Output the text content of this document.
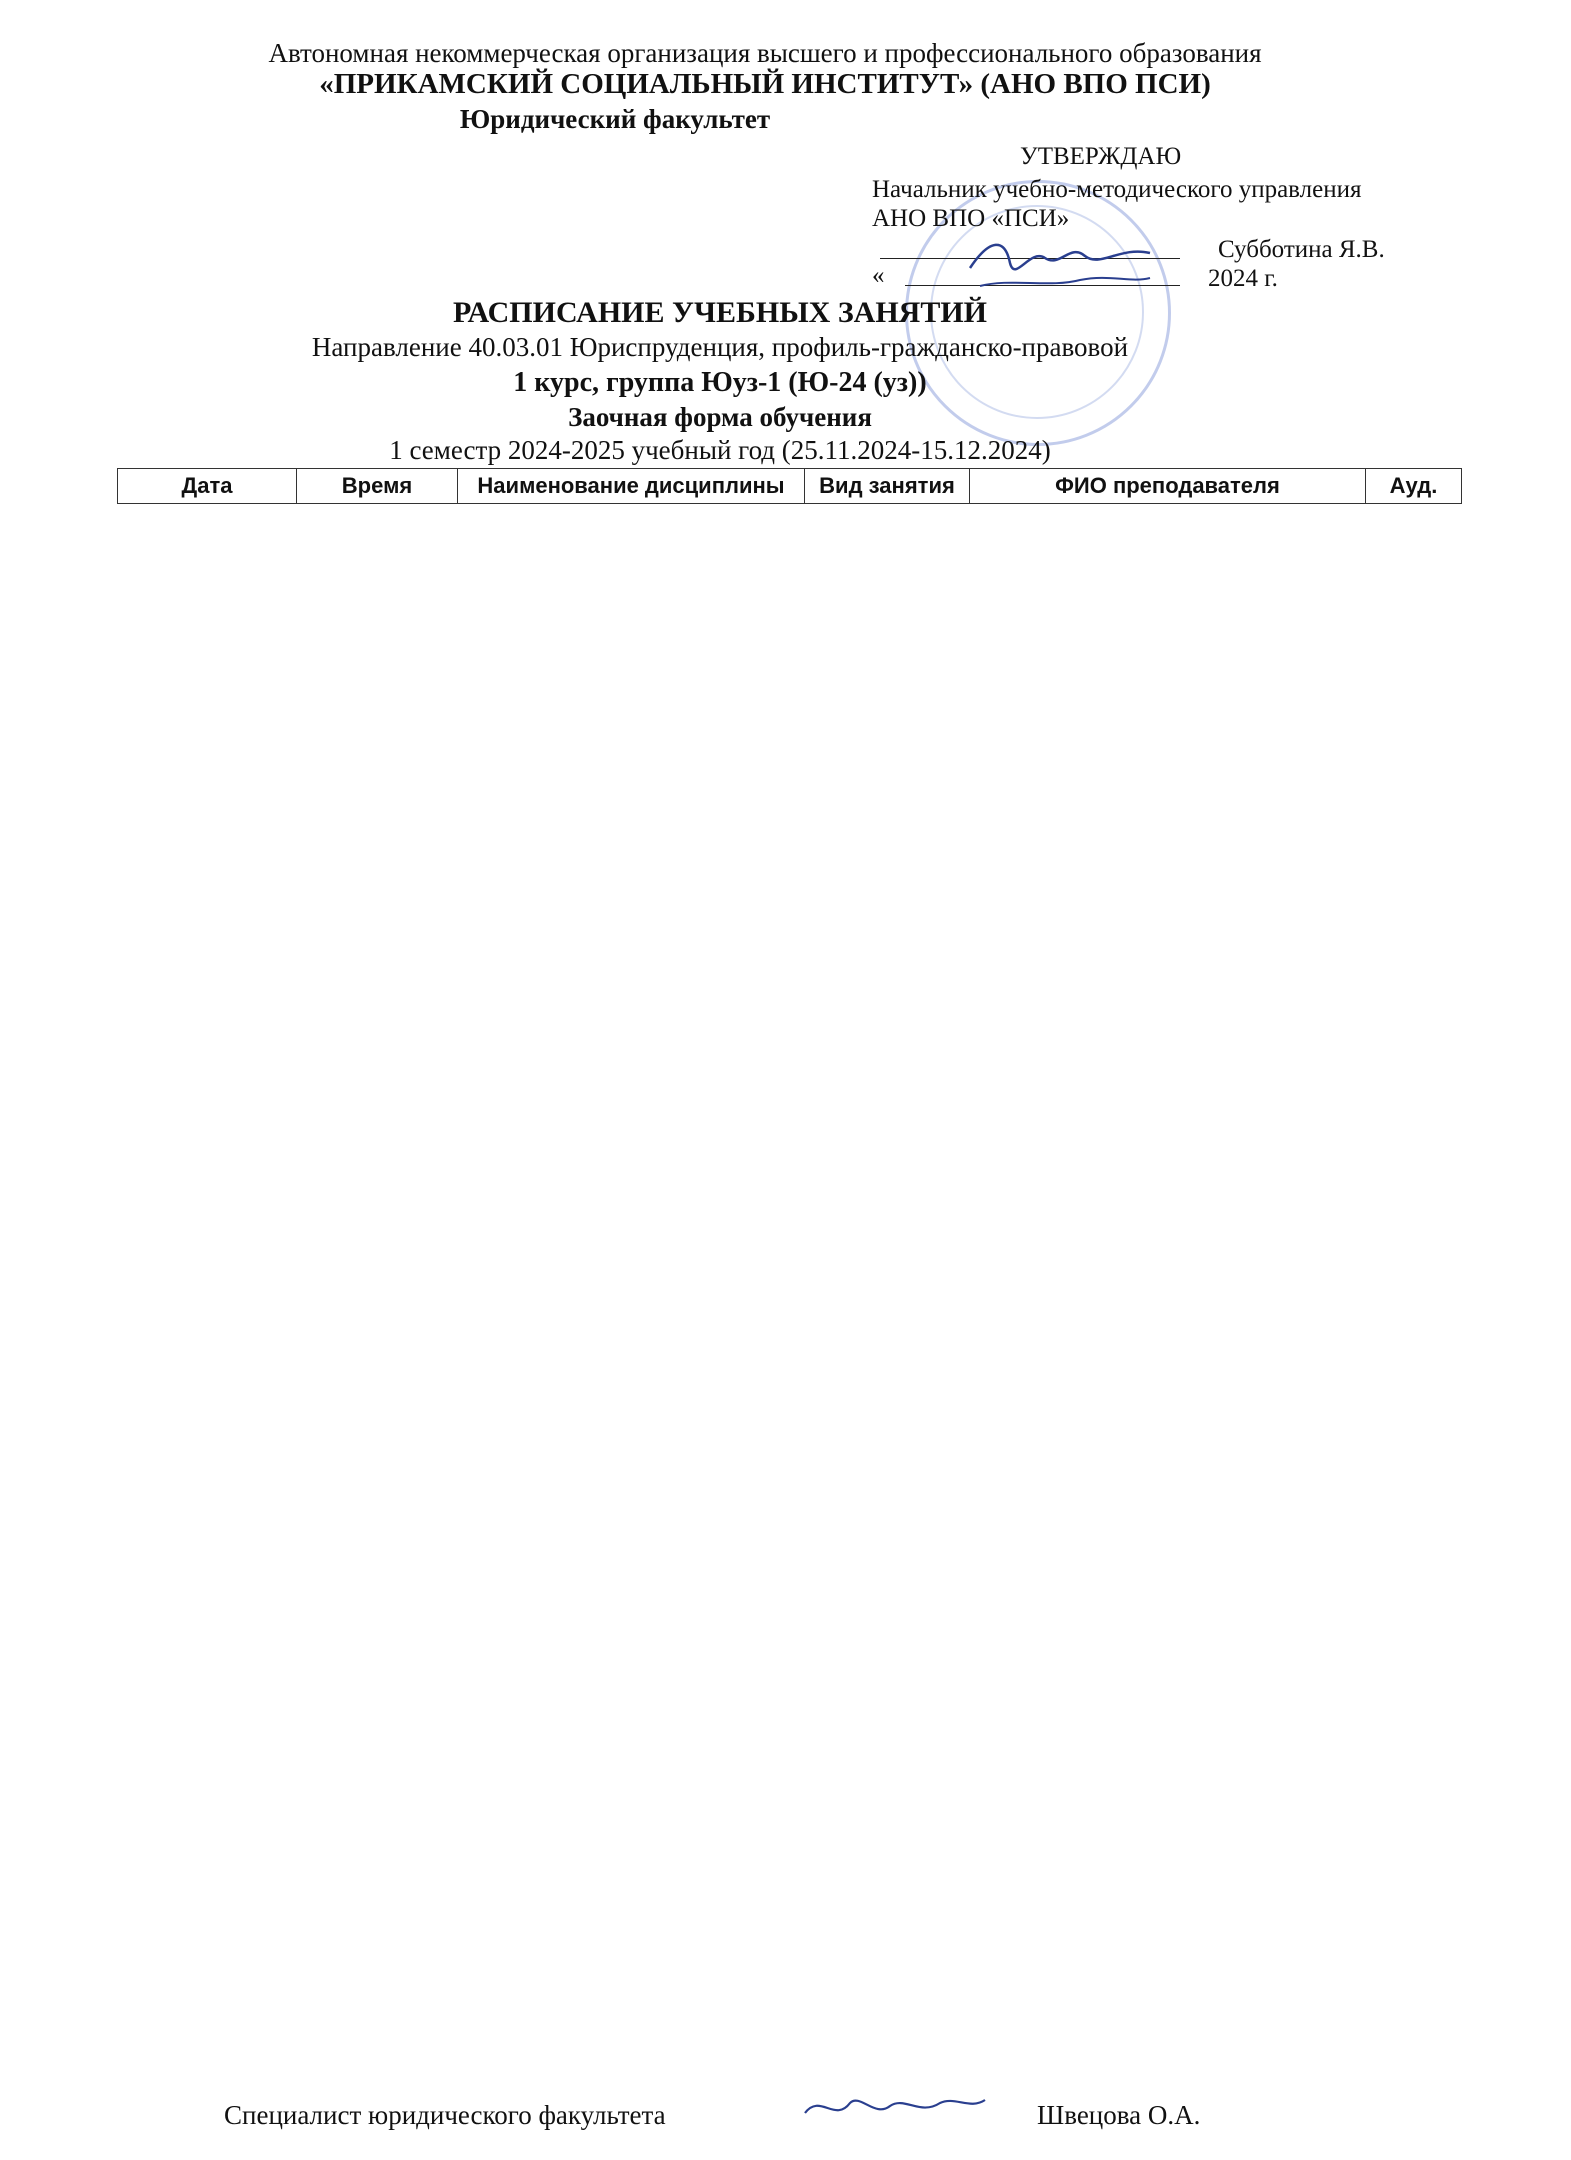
Автономная некоммерческая организация высшего и профессионального образования
«ПРИКАМСКИЙ СОЦИАЛЬНЫЙ ИНСТИТУТ» (АНО ВПО ПСИ)
Юридический факультет
УТВЕРЖДАЮ
Начальник учебно-методического управления
АНО ВПО «ПСИ»
Субботина Я.В.
«	2024 г.
РАСПИСАНИЕ УЧЕБНЫХ ЗАНЯТИЙ
Направление 40.03.01 Юриспруденция, профиль-гражданско-правовой
1 курс, группа Юуз-1 (Ю-24 (уз))
Заочная форма обучения
1 семестр 2024-2025 учебный год (25.11.2024-15.12.2024)
Дата	Время	Наименование дисциплины	Вид занятия	ФИО преподавателя	Ауд.
Специалист юридического факультета	Швецова О.А.
